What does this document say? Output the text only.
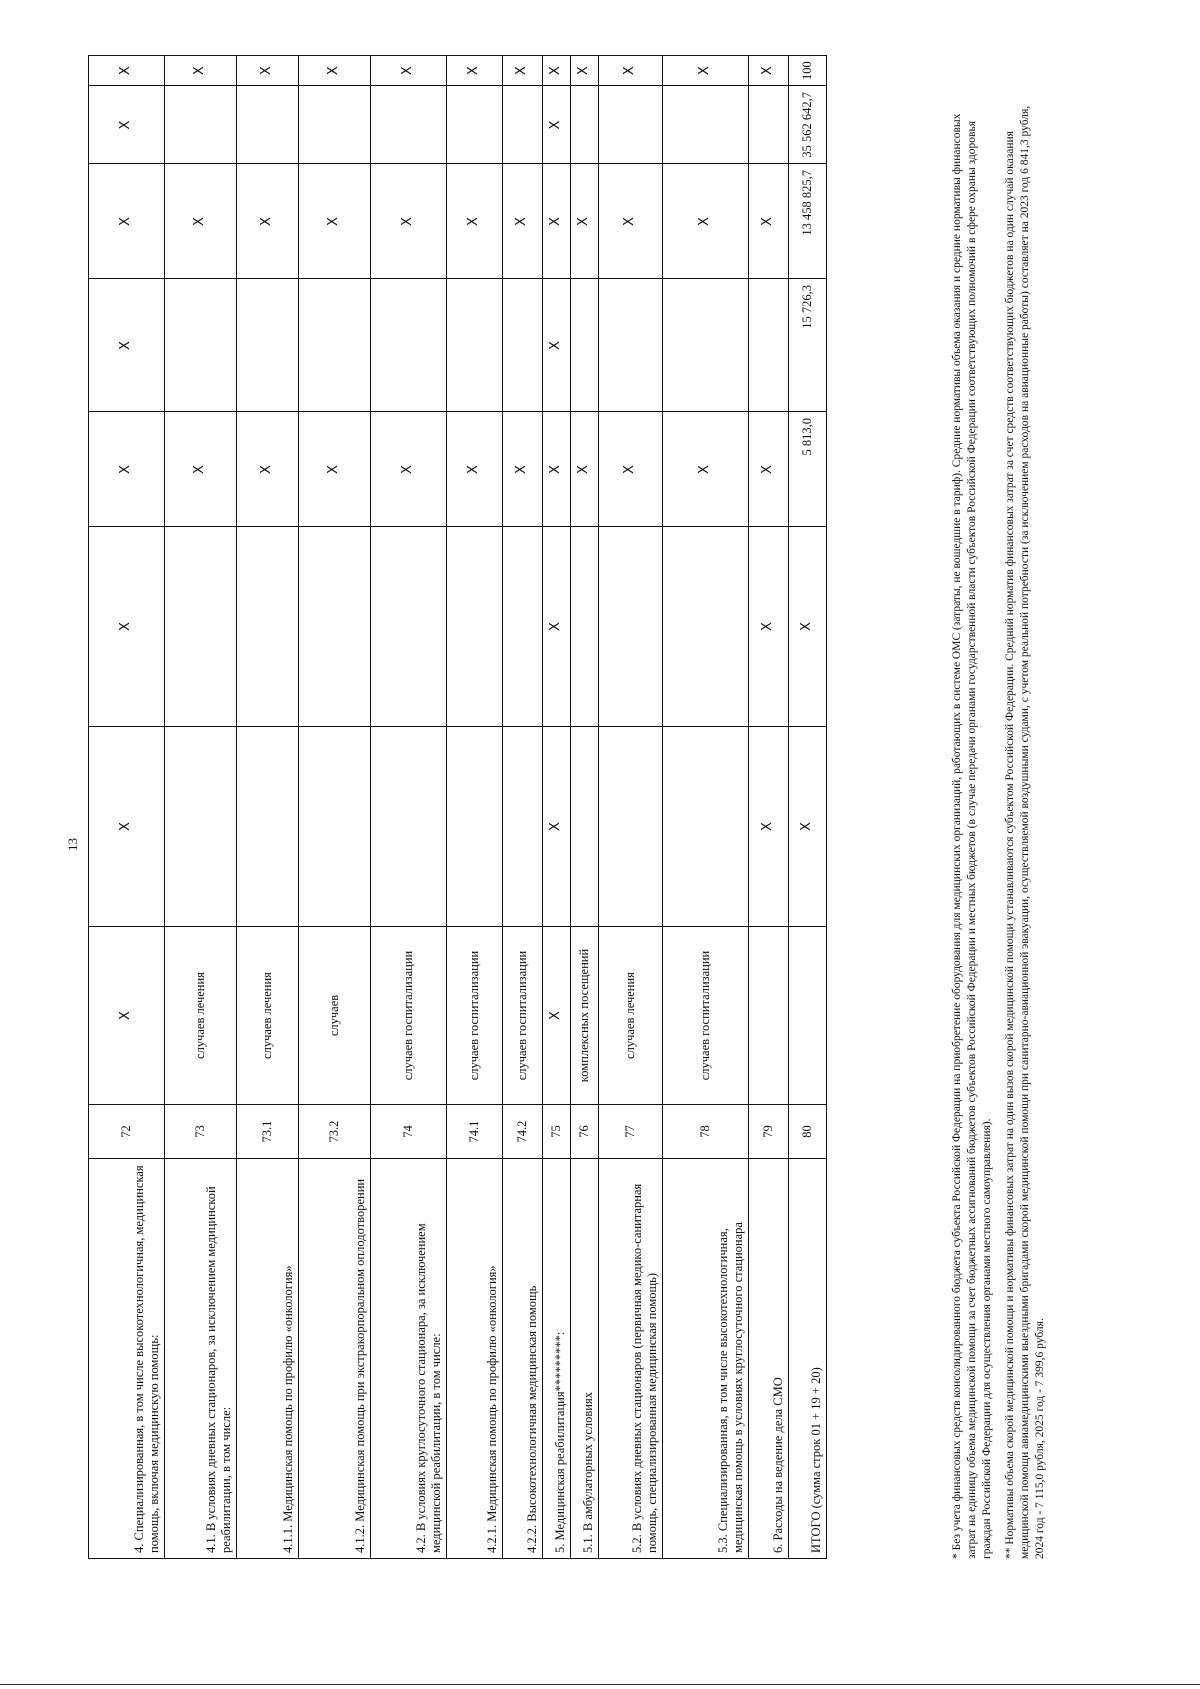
13
4. Специализированная, в том числе высокотехнологичная, медицинская помощь, включая медицинскую помощь:	72	X	X	X	X	X	X	X	X
4.1. В условиях дневных стационаров, за исключением медицинской реабилитации, в том числе:	73	случаев лечения			X		X		X
4.1.1. Медицинская помощь по профилю «онкология»	73.1	случаев лечения			X		X		X
4.1.2. Медицинская помощь при экстракорпоральном оплодотворении	73.2	случаев			X		X		X
4.2. В условиях круглосуточного стационара, за исключением медицинской реабилитации, в том числе:	74	случаев госпитализации			X		X		X
4.2.1. Медицинская помощь по профилю «онкология»	74.1	случаев госпитализации			X		X		X
4.2.2. Высокотехнологичная медицинская помощь	74.2	случаев госпитализации			X		X		X
5. Медицинская реабилитация*********:	75	X	X	X	X	X	X	X	X
5.1. В амбулаторных условиях	76	комплексных посещений			X		X		X
5.2. В условиях дневных стационаров (первичная медико-санитарная помощь, специализированная медицинская помощь)	77	случаев лечения			X		X		X
5.3. Специализированная, в том числе высокотехнологичная, медицинская помощь в условиях круглосуточного стационара	78	случаев госпитализации			X		X		X
6. Расходы на ведение дела СМО	79		X	X	X		X		X
ИТОГО (сумма строк 01 + 19 + 20)	80		X	X	5 813,0	15 726,3	13 458 825,7	35 562 642,7	100

* Без учета финансовых средств консолидированного бюджета субъекта Российской Федерации на приобретение оборудования для медицинских организаций, работающих в системе ОМС (затраты, не вошедшие в тариф). Средние нормативы объема оказания и средние нормативы финансовых затрат на единицу объема медицинской помощи за счет бюджетных ассигнований бюджетов субъектов Российской Федерации и местных бюджетов (в случае передачи органами государственной власти субъектов Российской Федерации соответствующих полномочий в сфере охраны здоровья граждан Российской Федерации для осуществления органами местного самоуправления). ** Нормативы объема скорой медицинской помощи и нормативы финансовых затрат на один вызов скорой медицинской помощи устанавливаются субъектом Российской Федерации. Средний норматив финансовых затрат за счет средств соответствующих бюджетов на один случай оказания медицинской помощи авиамедицинскими выездными бригадами скорой медицинской помощи при санитарно-авиационной эвакуации, осуществляемой воздушными судами, с учетом реальной потребности (за исключением расходов на авиационные работы) составляет на 2023 год 6 841,3 рубля, 2024 год - 7 115,0 рубля, 2025 год - 7 399,6 рубля.
